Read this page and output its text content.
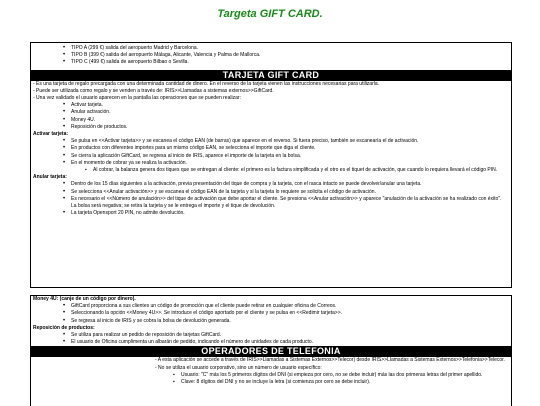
Targeta GIFT CARD.
• TIPO A (299 €) salida del aeropuerto Madrid y Barcelona.
• TIPO B (399 €) salida del aeropuerto Málaga, Alicante, Valencia y Palma de Mallorca.
• TIPO C (499 €) salida de aeropuerto Bilbao o Sevilla.
TARJETA GIFT CARD
- Es una tarjeta de regalo precargada con una determinada cantidad de dinero. En el reverso de la tarjeta vienen las instrucciones necesarias para utilizarla.
- Puede ser utilizada como regalo y se venden a través de: IRIS>>Llamadas a sistemas externos>>GiftCard.
- Una vez validado el usuario aparecen en la pantalla las operaciones que se pueden realizar:
• Activar tarjeta.
• Anular activación.
• Money 4U.
• Reposición de productos.
Activar tarjeta:
• Se pulsa en <<Activar tarjeta>> y se escanea el código EAN (de barras) que aparece en el reverso. Si fuera preciso, también se escanearía el de activación.
• En productos con diferentes importes para un mismo código EAN, se selecciona el importe que diga el cliente.
• Se cierra la aplicación GiftCard, se regresa al inicio de IRIS, aparece el importe de la tarjeta en la bolsa.
• En el momento de cobrar ya se realiza la activación.
▪ Al cobrar, la balanza genera dos tiques que se entregan al cliente: el primero es la factura simplificada y el otro es el tiquet de activación, que cuando lo requiera llevará el código PIN.
Anular tarjeta:
• Dentro de los 15 días siguientes a la activación, previa presentación del tique de compra y la tarjeta, con el rasca intacto se puede devolver/anular una tarjeta.
• Se selecciona <<Anular activación>> y se escanea el código EAN de la tarjeta y si la tarjeta lo requiere se solicita el código de activación.
• Es necesario el <<Número de anulación>> del tique de activación que debe aportar el cliente. Se presiona <<Anular activación>> y aparece "anulación de la activación se ha realizado con éxito". La bolsa será negativa; se retira la tarjeta y se le entrega el importe y el tique de devolución.
• La tarjeta Opensport 20 PIN, no admite devolución.
Money 4U: (canje de un código por dinero).
• GiftCard proporciona a sus clientes un código de promoción que el cliente puede retirar en cualquier oficina de Correos.
• Seleccionando la opción <<Money 4U>>. Se introduce el código aportado por el cliente y se pulsa en <<Redimir tarjeta>>.
• Se regresa al inicio de IRIS y se cobra la bolsa de devolución generada.
Reposición de productos:
• Se utiliza para realizar un pedido de reposición de tarjetas GiftCard.
• El usuario de Oficina cumplimenta un albarán de pedido, indicando el número de unidades de cada producto.
OPERADORES DE TELEFONIA
- A esta aplicación se accede a través de IRIS>>Llamadas a Sistemas Externos>>Telecor) desde IRIS>>Llamadas a Sistemas Externos>>Telefonia>>Telecor.
- No se utiliza el usuario corporativo, sino un número de usuario específico:
▪ Usuario: "C" más los 5 primeros dígitos del DNI (si empieza por cero, no se debe incluir) más las dos primeras letras del primer apellido.
▪ Clave: 8 dígitos del DNI y no se incluye la letra (si comienza por cero se debe incluir).
